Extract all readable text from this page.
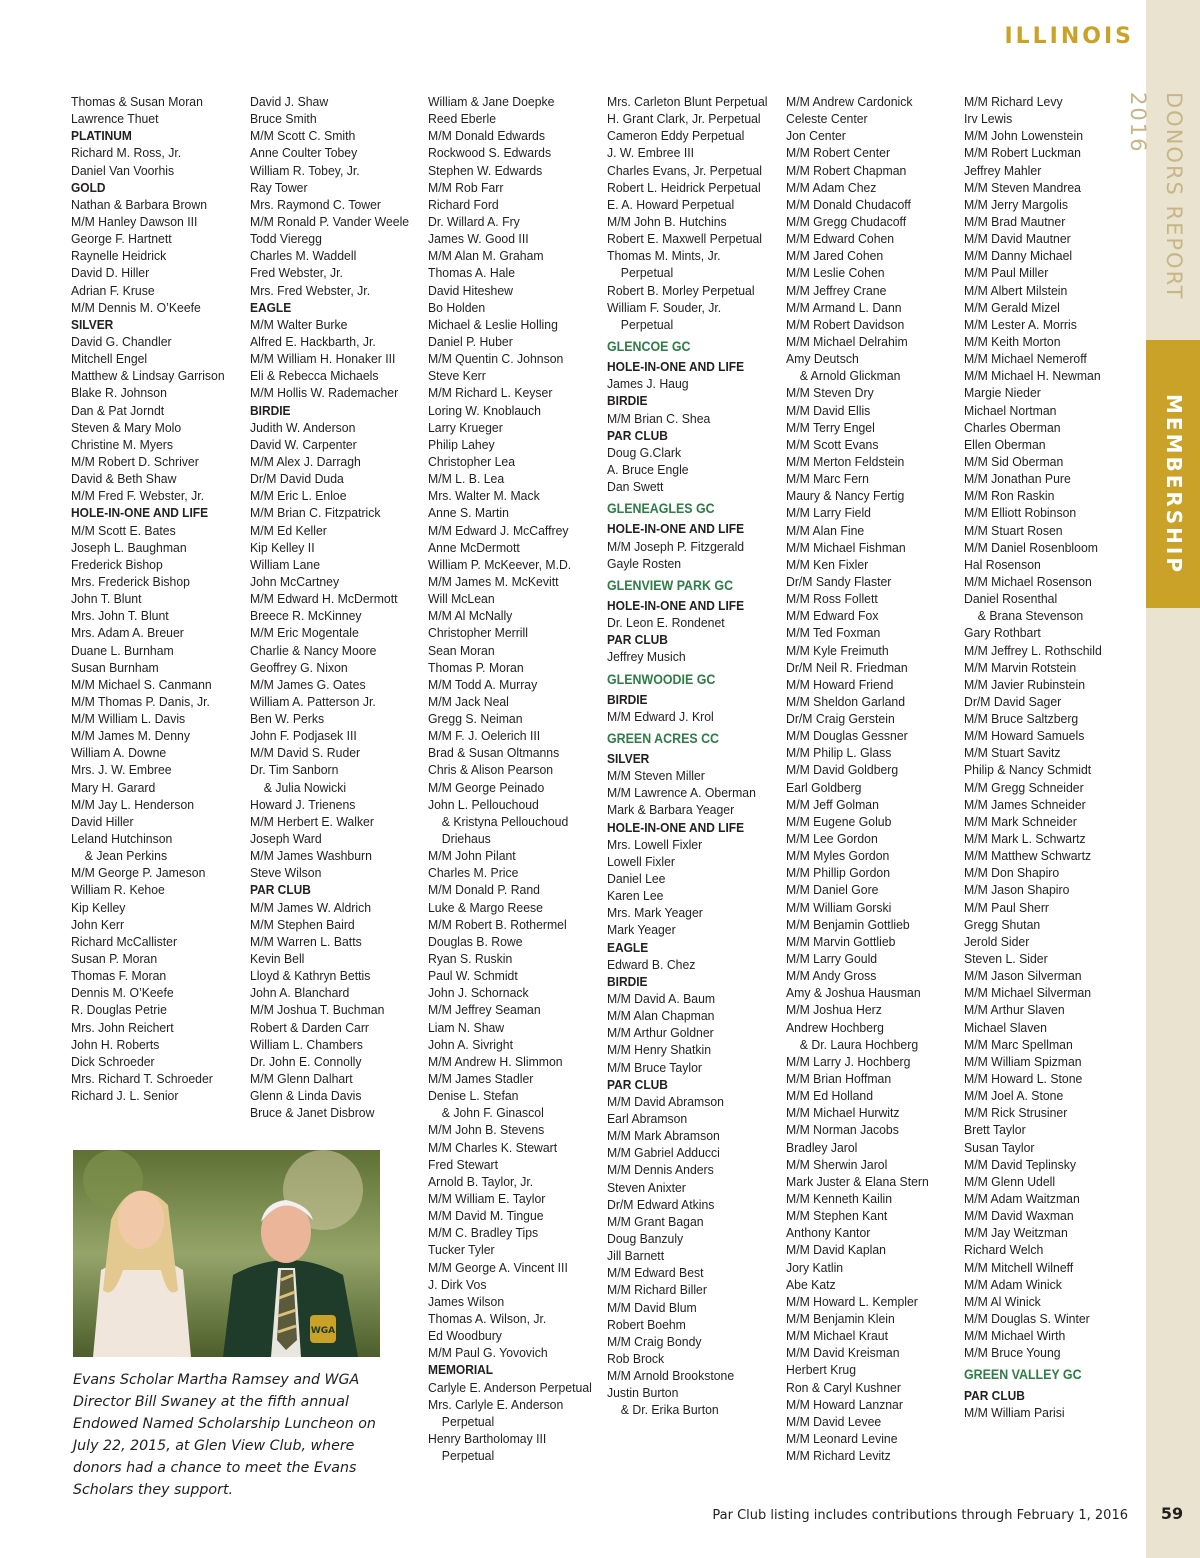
ILLINOIS
DONORS REPORT 2016
MEMBERSHIP
Thomas & Susan Moran
Lawrence Thuet
PLATINUM
Richard M. Ross, Jr.
Daniel Van Voorhis
GOLD
Nathan & Barbara Brown
M/M Hanley Dawson III
George F. Hartnett
Raynelle Heidrick
David D. Hiller
Adrian F. Kruse
M/M Dennis M. O’Keefe
SILVER
David G. Chandler
Mitchell Engel
Matthew & Lindsay Garrison
Blake R. Johnson
Dan & Pat Jorndt
Steven & Mary Molo
Christine M. Myers
M/M Robert D. Schriver
David & Beth Shaw
M/M Fred F. Webster, Jr.
HOLE-IN-ONE AND LIFE
M/M Scott E. Bates
Joseph L. Baughman
Frederick Bishop
Mrs. Frederick Bishop
John T. Blunt
Mrs. John T. Blunt
Mrs. Adam A. Breuer
Duane L. Burnham
Susan Burnham
M/M Michael S. Canmann
M/M Thomas P. Danis, Jr.
M/M William L. Davis
M/M James M. Denny
William A. Downe
Mrs. J. W. Embree
Mary H. Garard
M/M Jay L. Henderson
David Hiller
Leland Hutchinson
& Jean Perkins
M/M George P. Jameson
William R. Kehoe
Kip Kelley
John Kerr
Richard McCallister
Susan P. Moran
Thomas F. Moran
Dennis M. O’Keefe
R. Douglas Petrie
Mrs. John Reichert
John H. Roberts
Dick Schroeder
Mrs. Richard T. Schroeder
Richard J. L. Senior
David J. Shaw
Bruce Smith
M/M Scott C. Smith
Anne Coulter Tobey
William R. Tobey, Jr.
Ray Tower
Mrs. Raymond C. Tower
M/M Ronald P. Vander Weele
Todd Vieregg
Charles M. Waddell
Fred Webster, Jr.
Mrs. Fred Webster, Jr.
EAGLE
M/M Walter Burke
Alfred E. Hackbarth, Jr.
M/M William H. Honaker III
Eli & Rebecca Michaels
M/M Hollis W. Rademacher
BIRDIE
Judith W. Anderson
David W. Carpenter
M/M Alex J. Darragh
Dr/M David Duda
M/M Eric L. Enloe
M/M Brian C. Fitzpatrick
M/M Ed Keller
Kip Kelley II
William Lane
John McCartney
M/M Edward H. McDermott
Breece R. McKinney
M/M Eric Mogentale
Charlie & Nancy Moore
Geoffrey G. Nixon
M/M James G. Oates
William A. Patterson Jr.
Ben W. Perks
John F. Podjasek III
M/M David S. Ruder
Dr. Tim Sanborn
& Julia Nowicki
Howard J. Trienens
M/M Herbert E. Walker
Joseph Ward
M/M James Washburn
Steve Wilson
PAR CLUB
M/M James W. Aldrich
M/M Stephen Baird
M/M Warren L. Batts
Kevin Bell
Lloyd & Kathryn Bettis
John A. Blanchard
M/M Joshua T. Buchman
Robert & Darden Carr
William L. Chambers
Dr. John E. Connolly
M/M Glenn Dalhart
Glenn & Linda Davis
Bruce & Janet Disbrow
William & Jane Doepke
Reed Eberle
M/M Donald Edwards
Rockwood S. Edwards
Stephen W. Edwards
M/M Rob Farr
Richard Ford
Dr. Willard A. Fry
James W. Good III
M/M Alan M. Graham
Thomas A. Hale
David Hiteshew
Bo Holden
Michael & Leslie Holling
Daniel P. Huber
M/M Quentin C. Johnson
Steve Kerr
M/M Richard L. Keyser
Loring W. Knoblauch
Larry Krueger
Philip Lahey
Christopher Lea
M/M L. B. Lea
Mrs. Walter M. Mack
Anne S. Martin
M/M Edward J. McCaffrey
Anne McDermott
William P. McKeever, M.D.
M/M James M. McKevitt
Will McLean
M/M Al McNally
Christopher Merrill
Sean Moran
Thomas P. Moran
M/M Todd A. Murray
M/M Jack Neal
Gregg S. Neiman
M/M F. J. Oelerich III
Brad & Susan Oltmanns
Chris & Alison Pearson
M/M George Peinado
John L. Pellouchoud
& Kristyna Pellouchoud
Driehaus
M/M John Pilant
Charles M. Price
M/M Donald P. Rand
Luke & Margo Reese
M/M Robert B. Rothermel
Douglas B. Rowe
Ryan S. Ruskin
Paul W. Schmidt
John J. Schornack
M/M Jeffrey Seaman
Liam N. Shaw
John A. Sivright
M/M Andrew H. Slimmon
M/M James Stadler
Denise L. Stefan
& John F. Ginascol
M/M John B. Stevens
M/M Charles K. Stewart
Fred Stewart
Arnold B. Taylor, Jr.
M/M William E. Taylor
M/M David M. Tingue
M/M C. Bradley Tips
Tucker Tyler
M/M George A. Vincent III
J. Dirk Vos
James Wilson
Thomas A. Wilson, Jr.
Ed Woodbury
M/M Paul G. Yovovich
MEMORIAL
Carlyle E. Anderson Perpetual
Mrs. Carlyle E. Anderson
Perpetual
Henry Bartholomay III
Perpetual
Mrs. Carleton Blunt Perpetual
H. Grant Clark, Jr. Perpetual
Cameron Eddy Perpetual
J. W. Embree III
Charles Evans, Jr. Perpetual
Robert L. Heidrick Perpetual
E. A. Howard Perpetual
M/M John B. Hutchins
Robert E. Maxwell Perpetual
Thomas M. Mints, Jr.
Perpetual
Robert B. Morley Perpetual
William F. Souder, Jr.
Perpetual
GLENCOE GC
HOLE-IN-ONE AND LIFE
James J. Haug
BIRDIE
M/M Brian C. Shea
PAR CLUB
Doug G.Clark
A. Bruce Engle
Dan Swett
GLENEAGLES GC
HOLE-IN-ONE AND LIFE
M/M Joseph P. Fitzgerald
Gayle Rosten
GLENVIEW PARK GC
HOLE-IN-ONE AND LIFE
Dr. Leon E. Rondenet
PAR CLUB
Jeffrey Musich
GLENWOODIE GC
BIRDIE
M/M Edward J. Krol
GREEN ACRES CC
SILVER
M/M Steven Miller
M/M Lawrence A. Oberman
Mark & Barbara Yeager
HOLE-IN-ONE AND LIFE
Mrs. Lowell Fixler
Lowell Fixler
Daniel Lee
Karen Lee
Mrs. Mark Yeager
Mark Yeager
EAGLE
Edward B. Chez
BIRDIE
M/M David A. Baum
M/M Alan Chapman
M/M Arthur Goldner
M/M Henry Shatkin
M/M Bruce Taylor
PAR CLUB
M/M David Abramson
Earl Abramson
M/M Mark Abramson
M/M Gabriel Adducci
M/M Dennis Anders
Steven Anixter
Dr/M Edward Atkins
M/M Grant Bagan
Doug Banzuly
Jill Barnett
M/M Edward Best
M/M Richard Biller
M/M David Blum
Robert Boehm
M/M Craig Bondy
Rob Brock
M/M Arnold Brookstone
Justin Burton
& Dr. Erika Burton
M/M Andrew Cardonick
Celeste Center
Jon Center
M/M Robert Center
M/M Robert Chapman
M/M Adam Chez
M/M Donald Chudacoff
M/M Gregg Chudacoff
M/M Edward Cohen
M/M Jared Cohen
M/M Leslie Cohen
M/M Jeffrey Crane
M/M Armand L. Dann
M/M Robert Davidson
M/M Michael Delrahim
Amy Deutsch
& Arnold Glickman
M/M Steven Dry
M/M David Ellis
M/M Terry Engel
M/M Scott Evans
M/M Merton Feldstein
M/M Marc Fern
Maury & Nancy Fertig
M/M Larry Field
M/M Alan Fine
M/M Michael Fishman
M/M Ken Fixler
Dr/M Sandy Flaster
M/M Ross Follett
M/M Edward Fox
M/M Ted Foxman
M/M Kyle Freimuth
Dr/M Neil R. Friedman
M/M Howard Friend
M/M Sheldon Garland
Dr/M Craig Gerstein
M/M Douglas Gessner
M/M Philip L. Glass
M/M David Goldberg
Earl Goldberg
M/M Jeff Golman
M/M Eugene Golub
M/M Lee Gordon
M/M Myles Gordon
M/M Phillip Gordon
M/M Daniel Gore
M/M William Gorski
M/M Benjamin Gottlieb
M/M Marvin Gottlieb
M/M Larry Gould
M/M Andy Gross
Amy & Joshua Hausman
M/M Joshua Herz
Andrew Hochberg
& Dr. Laura Hochberg
M/M Larry J. Hochberg
M/M Brian Hoffman
M/M Ed Holland
M/M Michael Hurwitz
M/M Norman Jacobs
Bradley Jarol
M/M Sherwin Jarol
Mark Juster & Elana Stern
M/M Kenneth Kailin
M/M Stephen Kant
Anthony Kantor
M/M David Kaplan
Jory Katlin
Abe Katz
M/M Howard L. Kempler
M/M Benjamin Klein
M/M Michael Kraut
M/M David Kreisman
Herbert Krug
Ron & Caryl Kushner
M/M Howard Lanznar
M/M David Levee
M/M Leonard Levine
M/M Richard Levitz
M/M Richard Levy
Irv Lewis
M/M John Lowenstein
M/M Robert Luckman
Jeffrey Mahler
M/M Steven Mandrea
M/M Jerry Margolis
M/M Brad Mautner
M/M David Mautner
M/M Danny Michael
M/M Paul Miller
M/M Albert Milstein
M/M Gerald Mizel
M/M Lester A. Morris
M/M Keith Morton
M/M Michael Nemeroff
M/M Michael H. Newman
Margie Nieder
Michael Nortman
Charles Oberman
Ellen Oberman
M/M Sid Oberman
M/M Jonathan Pure
M/M Ron Raskin
M/M Elliott Robinson
M/M Stuart Rosen
M/M Daniel Rosenbloom
Hal Rosenson
M/M Michael Rosenson
Daniel Rosenthal
& Brana Stevenson
Gary Rothbart
M/M Jeffrey L. Rothschild
M/M Marvin Rotstein
M/M Javier Rubinstein
Dr/M David Sager
M/M Bruce Saltzberg
M/M Howard Samuels
M/M Stuart Savitz
Philip & Nancy Schmidt
M/M Gregg Schneider
M/M James Schneider
M/M Mark Schneider
M/M Mark L. Schwartz
M/M Matthew Schwartz
M/M Don Shapiro
M/M Jason Shapiro
M/M Paul Sherr
Gregg Shutan
Jerold Sider
Steven L. Sider
M/M Jason Silverman
M/M Michael Silverman
M/M Arthur Slaven
Michael Slaven
M/M Marc Spellman
M/M William Spizman
M/M Howard L. Stone
M/M Joel A. Stone
M/M Rick Strusiner
Brett Taylor
Susan Taylor
M/M David Teplinsky
M/M Glenn Udell
M/M Adam Waitzman
M/M David Waxman
M/M Jay Weitzman
Richard Welch
M/M Mitchell Wilneff
M/M Adam Winick
M/M Al Winick
M/M Douglas S. Winter
M/M Michael Wirth
M/M Bruce Young
GREEN VALLEY GC
PAR CLUB
M/M William Parisi
WGA
Evans Scholar Martha Ramsey and WGA Director Bill Swaney at the fifth annual Endowed Named Scholarship Luncheon on July 22, 2015, at Glen View Club, where donors had a chance to meet the Evans Scholars they support.
Par Club listing includes contributions through February 1, 2016 59
